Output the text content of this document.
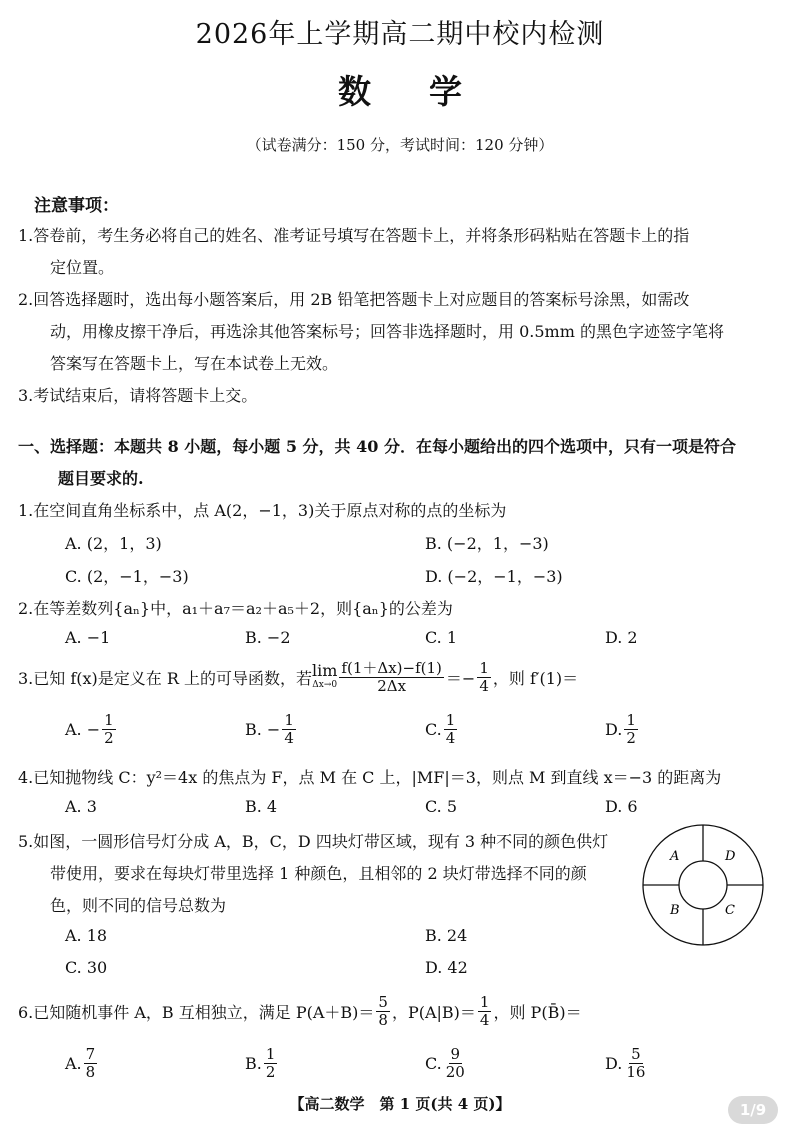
2026年上学期高二期中校内检测
数学
（试卷满分：150 分，考试时间：120 分钟）
注意事项：
1.答卷前，考生务必将自己的姓名、准考证号填写在答题卡上，并将条形码粘贴在答题卡上的指
定位置。
2.回答选择题时，选出每小题答案后，用 2B 铅笔把答题卡上对应题目的答案标号涂黑，如需改
动，用橡皮擦干净后，再选涂其他答案标号；回答非选择题时，用 0.5mm 的黑色字迹签字笔将
答案写在答题卡上，写在本试卷上无效。
3.考试结束后，请将答题卡上交。
一、选择题：本题共 8 小题，每小题 5 分，共 40 分．在每小题给出的四个选项中，只有一项是符合
题目要求的.
1.在空间直角坐标系中，点 A(2，−1，3)关于原点对称的点的坐标为
A. (2，1，3)	B. (−2，1，−3)
C. (2，−1，−3)	D. (−2，−1，−3)
2.在等差数列{aₙ}中，a₁＋a₇＝a₂＋a₅＋2，则{aₙ}的公差为
A. −1	B. −2	C. 1	D. 2
3.已知 f(x)是定义在 R 上的可导函数，若 lim
$\Delta x\to 0 \frac{f(1+\Delta x)-f(1)}{2\Delta x} =- \frac{1}{4}$ ，则 f′(1)＝
A. − $\frac{1}{2}$	B. − $\frac{1}{4}$	C. $\frac{1}{4}$	D. $\frac{1}{2}$
4.已知抛物线 C：y²＝4x 的焦点为 F，点 M 在 C 上，|MF|＝3，则点 M 到直线 x＝−3 的距离为
A. 3	B. 4	C. 5	D. 6
5.如图，一圆形信号灯分成 A，B，C，D 四块灯带区域，现有 3 种不同的颜色供灯
带使用，要求在每块灯带里选择 1 种颜色，且相邻的 2 块灯带选择不同的颜
色，则不同的信号总数为
A. 18	B. 24
C. 30	D. 42
A	D
B	C
6.已知随机事件 A，B 互相独立，满足 $P(A+B)= \frac{5}{8}$ ，$P(A|B)= \frac{1}{4}$ ，则 P(B̄)＝
A. $\frac{7}{8}$	B. $\frac{1}{2}$	C. $\frac{9}{20}$	D. $\frac{5}{16}$
【高二数学　第 1 页(共 4 页)】	1/9
